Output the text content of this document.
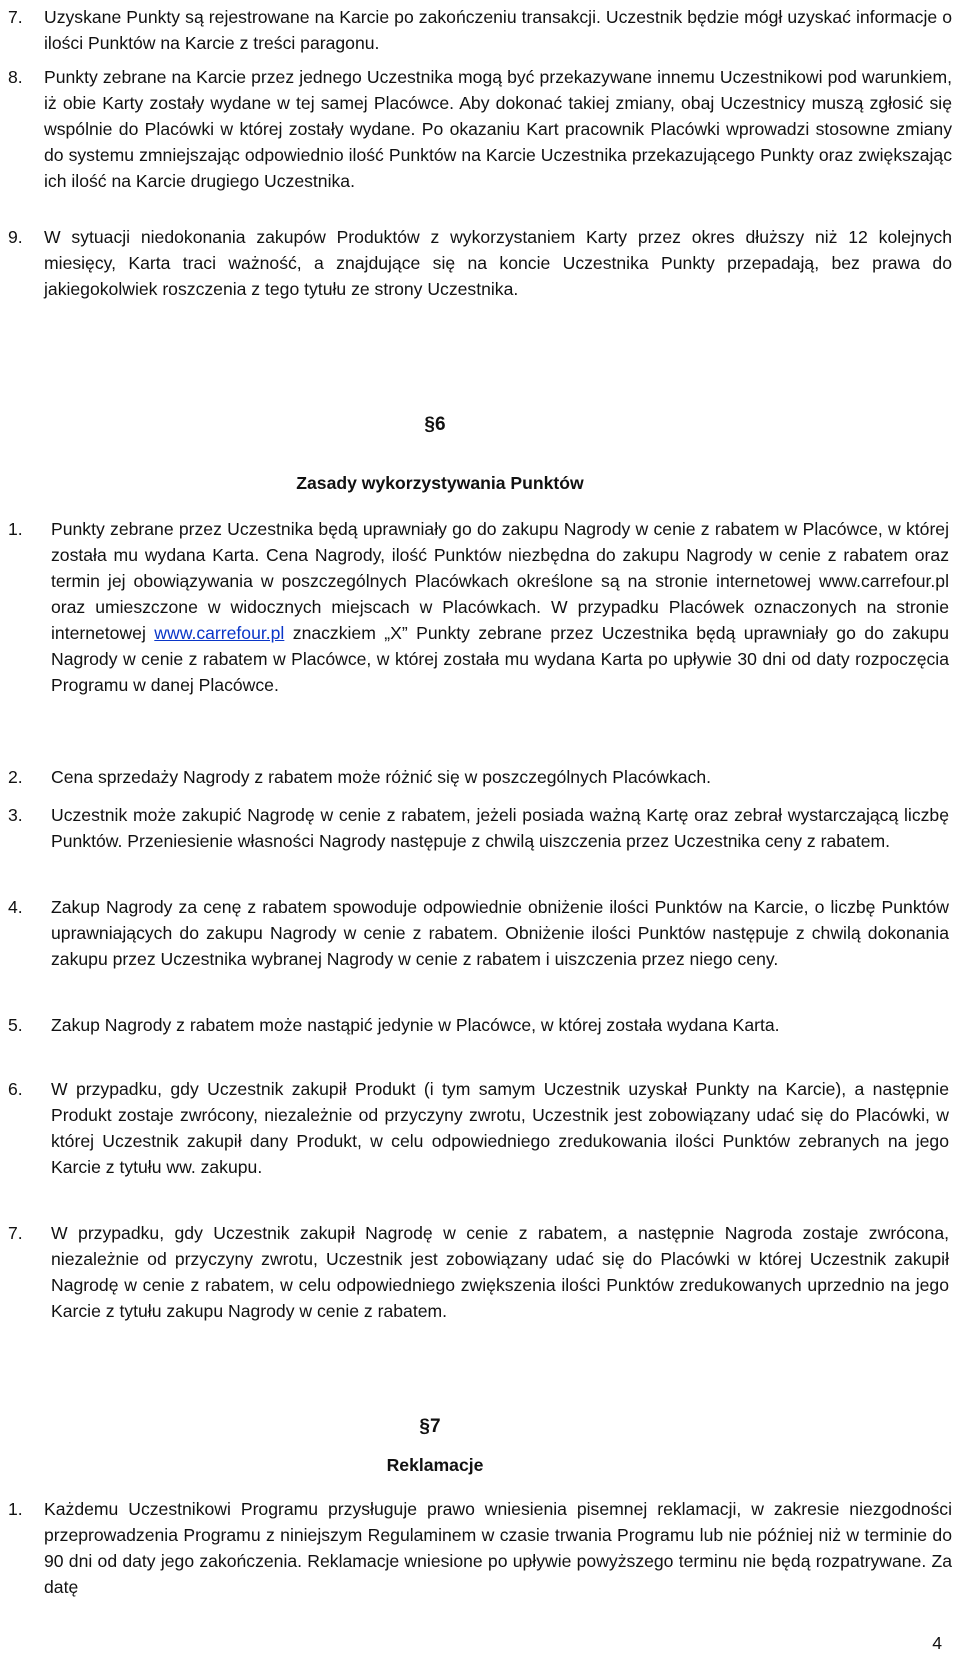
7.	Uzyskane Punkty są rejestrowane na Karcie po zakończeniu transakcji. Uczestnik będzie mógł uzyskać informacje o ilości Punktów na Karcie z treści paragonu.
8.	Punkty zebrane na Karcie przez jednego Uczestnika mogą być przekazywane innemu Uczestnikowi pod warunkiem, iż obie Karty zostały wydane w tej samej Placówce. Aby dokonać takiej zmiany, obaj Uczestnicy muszą zgłosić się wspólnie do Placówki w której zostały wydane. Po okazaniu Kart pracownik Placówki wprowadzi stosowne zmiany do systemu zmniejszając odpowiednio ilość Punktów na Karcie Uczestnika przekazującego Punkty oraz zwiększając ich ilość na Karcie drugiego Uczestnika.
9.	W sytuacji niedokonania zakupów Produktów z wykorzystaniem Karty przez okres dłuższy niż 12 kolejnych miesięcy, Karta traci ważność, a znajdujące się na koncie Uczestnika Punkty przepadają, bez prawa do jakiegokolwiek roszczenia z tego tytułu ze strony Uczestnika.
§6
Zasady wykorzystywania Punktów
1.	Punkty zebrane przez Uczestnika będą uprawniały go do zakupu Nagrody w cenie z rabatem w Placówce, w której została mu wydana Karta. Cena Nagrody, ilość Punktów niezbędna do zakupu Nagrody w cenie z rabatem oraz termin jej obowiązywania w poszczególnych Placówkach określone są na stronie internetowej www.carrefour.pl oraz umieszczone w widocznych miejscach w Placówkach. W przypadku Placówek oznaczonych na stronie internetowej www.carrefour.pl znaczkiem „X” Punkty zebrane przez Uczestnika będą uprawniały go do zakupu Nagrody w cenie z rabatem w Placówce, w której została mu wydana Karta po upływie 30 dni od daty rozpoczęcia Programu w danej Placówce.
2.	Cena sprzedaży Nagrody z rabatem może różnić się w poszczególnych Placówkach.
3.	Uczestnik może zakupić Nagrodę w cenie z rabatem, jeżeli posiada ważną Kartę oraz zebrał wystarczającą liczbę Punktów. Przeniesienie własności Nagrody następuje z chwilą uiszczenia przez Uczestnika ceny z rabatem.
4.	Zakup Nagrody za cenę z rabatem spowoduje odpowiednie obniżenie ilości Punktów na Karcie, o liczbę Punktów uprawniających do zakupu Nagrody w cenie z rabatem. Obniżenie ilości Punktów następuje z chwilą dokonania zakupu przez Uczestnika wybranej Nagrody w cenie z rabatem i uiszczenia przez niego ceny.
5.	Zakup Nagrody z rabatem może nastąpić jedynie w Placówce, w której została wydana Karta.
6.	W przypadku, gdy Uczestnik zakupił Produkt (i tym samym Uczestnik uzyskał Punkty na Karcie), a następnie Produkt zostaje zwrócony, niezależnie od przyczyny zwrotu, Uczestnik jest zobowiązany udać się do Placówki, w której Uczestnik zakupił dany Produkt, w celu odpowiedniego zredukowania ilości Punktów zebranych na jego Karcie z tytułu ww. zakupu.
7.	W przypadku, gdy Uczestnik zakupił Nagrodę w cenie z rabatem, a następnie Nagroda zostaje zwrócona, niezależnie od przyczyny zwrotu, Uczestnik jest zobowiązany udać się do Placówki w której Uczestnik zakupił Nagrodę w cenie z rabatem, w celu odpowiedniego zwiększenia ilości Punktów zredukowanych uprzednio na jego Karcie z tytułu zakupu Nagrody w cenie z rabatem.
§7
Reklamacje
1.	Każdemu Uczestnikowi Programu przysługuje prawo wniesienia pisemnej reklamacji, w zakresie niezgodności przeprowadzenia Programu z niniejszym Regulaminem w czasie trwania Programu lub nie później niż w terminie do 90 dni od daty jego zakończenia. Reklamacje wniesione po upływie powyższego terminu nie będą rozpatrywane. Za datę
4
